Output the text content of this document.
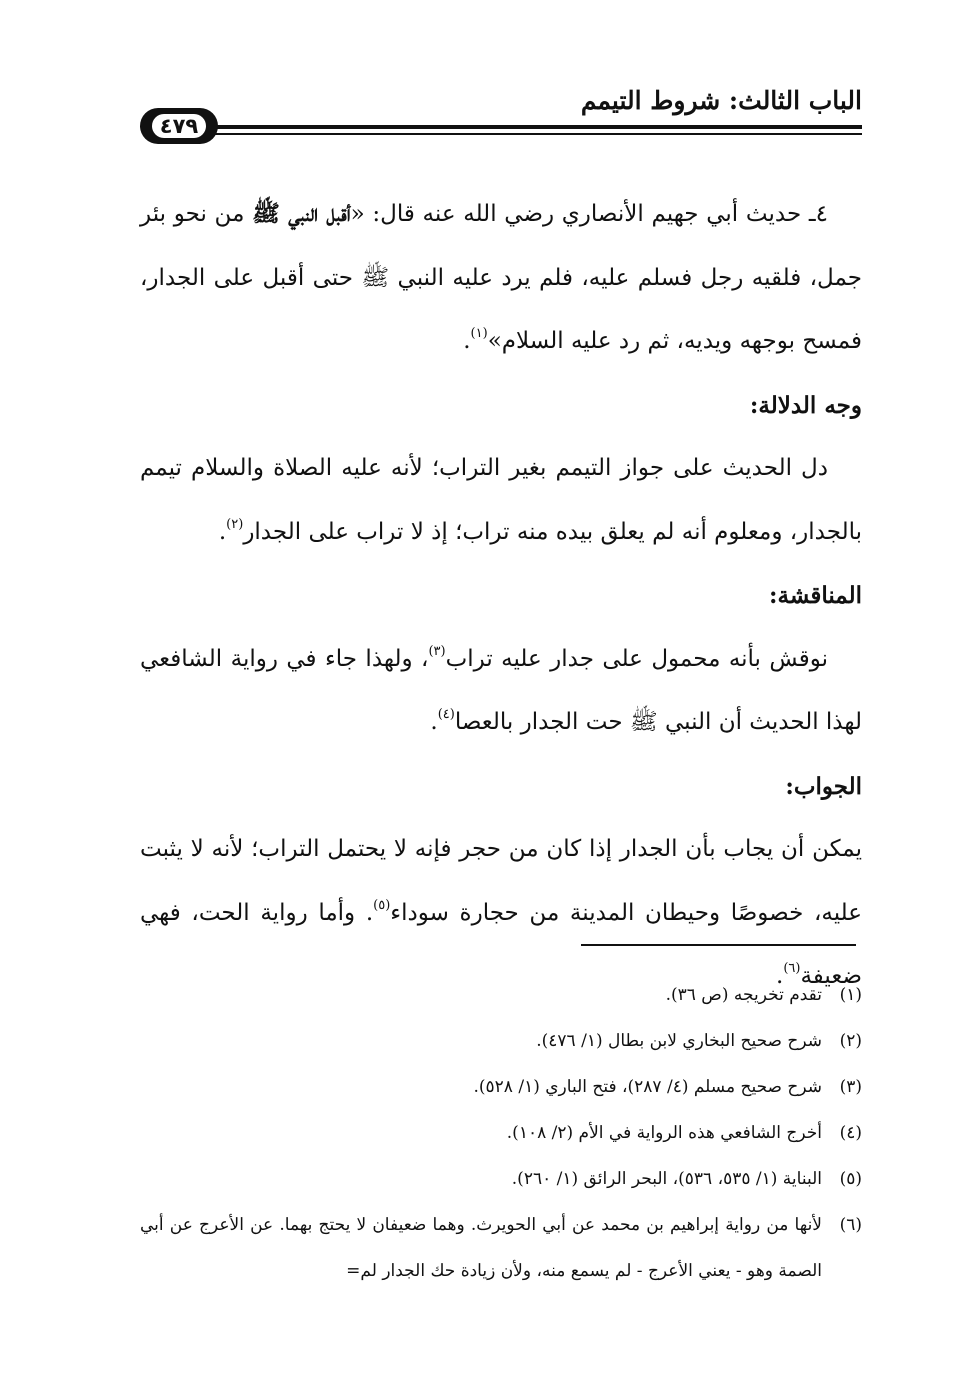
الباب الثالث: شروط التيمم
٤٧٩

٤ـ حديث أبي جهيم الأنصاري رضي الله عنه قال: «أقبل النبي ﷺ من نحو بئر جمل، فلقيه رجل فسلم عليه، فلم يرد عليه النبي ﷺ حتى أقبل على الجدار، فمسح بوجهه ويديه، ثم رد عليه السلام»$^{(١)}$.

وجه الدلالة:

دل الحديث على جواز التيمم بغير التراب؛ لأنه عليه الصلاة والسلام تيمم بالجدار، ومعلوم أنه لم يعلق بيده منه تراب؛ إذ لا تراب على الجدار$^{(٢)}$.

المناقشة:

نوقش بأنه محمول على جدار عليه تراب$^{(٣)}$، ولهذا جاء في رواية الشافعي لهذا الحديث أن النبي ﷺ حت الجدار بالعصا$^{(٤)}$.

الجواب:

يمكن أن يجاب بأن الجدار إذا كان من حجر فإنه لا يحتمل التراب؛ لأنه لا يثبت عليه، خصوصًا وحيطان المدينة من حجارة سوداء$^{(٥)}$. وأما رواية الحت، فهي ضعيفة$^{(٦)}$.

(١)
تقدم تخريجه (ص ٣٦).
(٢)
شرح صحيح البخاري لابن بطال (١/ ٤٧٦).
(٣)
شرح صحيح مسلم (٤/ ٢٨٧)، فتح الباري (١/ ٥٢٨).
(٤)
أخرج الشافعي هذه الرواية في الأم (٢/ ١٠٨).
(٥)
البناية (١/ ٥٣٥، ٥٣٦)، البحر الرائق (١/ ٢٦٠).
(٦)
لأنها من رواية إبراهيم بن محمد عن أبي الحويرث. وهما ضعيفان لا يحتج بهما. عن الأعرج عن أبي الصمة وهو - يعني الأعرج - لم يسمع منه، ولأن زيادة حك الجدار لم=
